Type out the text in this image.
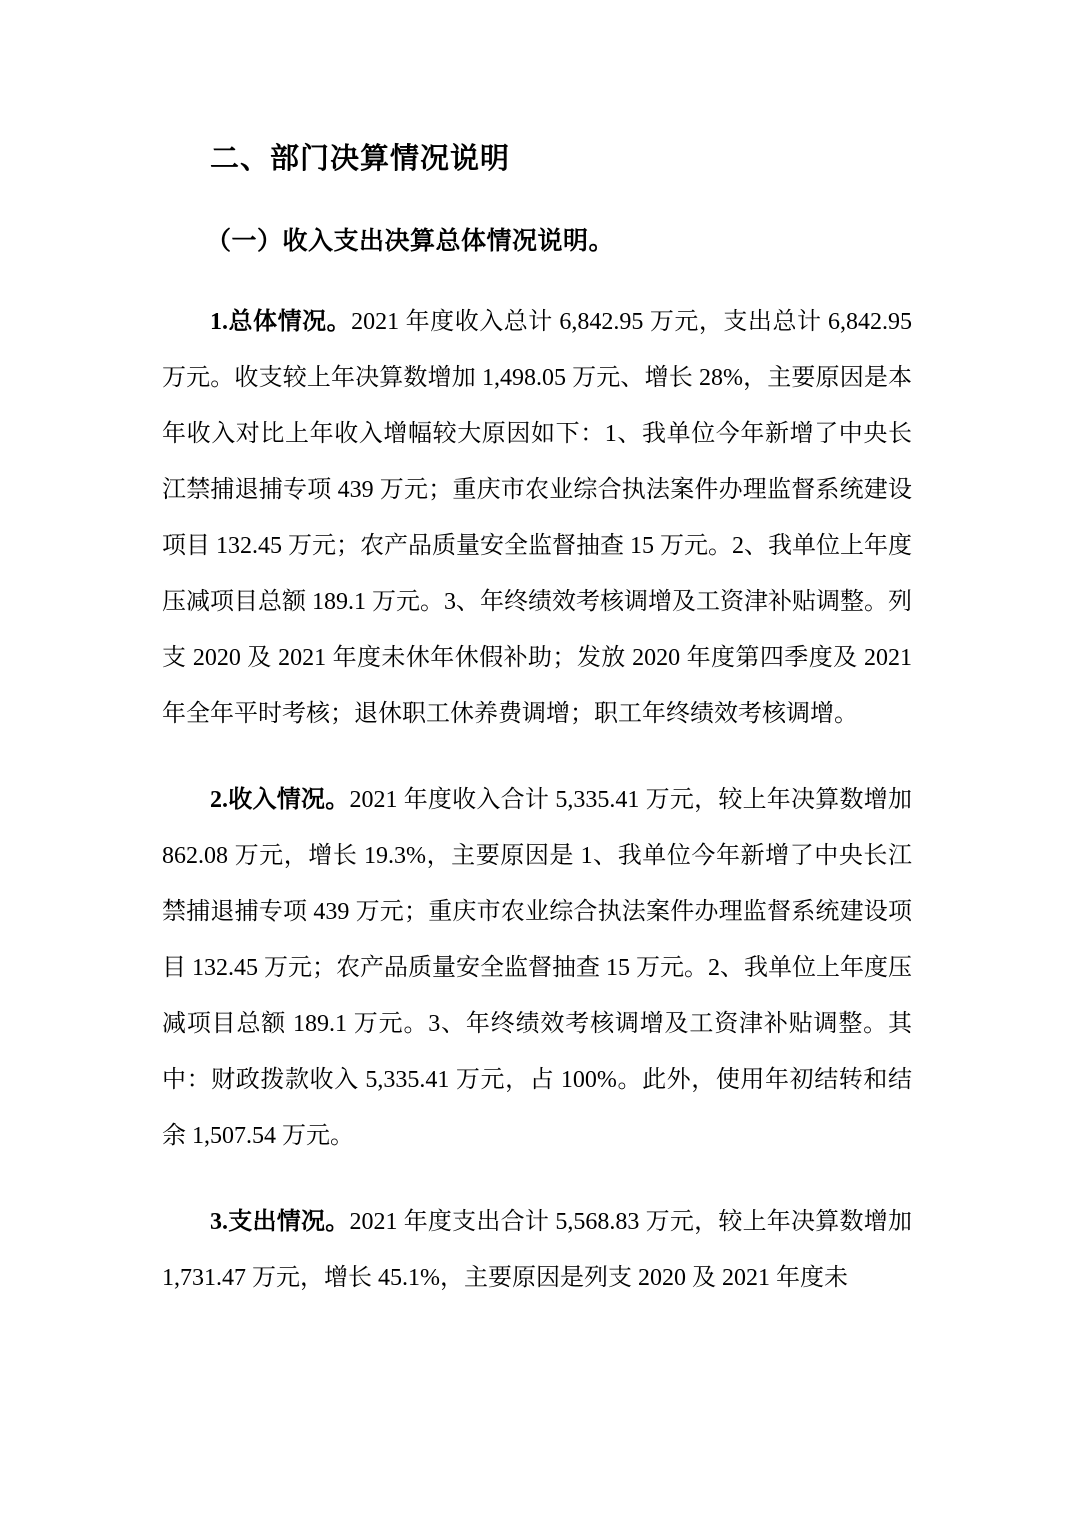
二、部门决算情况说明
（一）收入支出决算总体情况说明。

1.总体情况。2021 年度收入总计 6,842.95 万元，支出总计 6,842.95 万元。收支较上年决算数增加 1,498.05 万元、增长 28%，主要原因是本年收入对比上年收入增幅较大原因如下：1、我单位今年新增了中央长江禁捕退捕专项 439 万元；重庆市农业综合执法案件办理监督系统建设项目 132.45 万元；农产品质量安全监督抽查 15 万元。2、我单位上年度压减项目总额 189.1 万元。3、年终绩效考核调增及工资津补贴调整。列支 2020 及 2021 年度未休年休假补助；发放 2020 年度第四季度及 2021 年全年平时考核；退休职工休养费调增；职工年终绩效考核调增。

2.收入情况。2021 年度收入合计 5,335.41 万元，较上年决算数增加 862.08 万元，增长 19.3%，主要原因是 1、我单位今年新增了中央长江禁捕退捕专项 439 万元；重庆市农业综合执法案件办理监督系统建设项目 132.45 万元；农产品质量安全监督抽查 15 万元。2、我单位上年度压减项目总额 189.1 万元。3、年终绩效考核调增及工资津补贴调整。其中：财政拨款收入 5,335.41 万元，占 100%。此外，使用年初结转和结余 1,507.54 万元。

3.支出情况。2021 年度支出合计 5,568.83 万元，较上年决算数增加 1,731.47 万元，增长 45.1%，主要原因是列支 2020 及 2021 年度未
